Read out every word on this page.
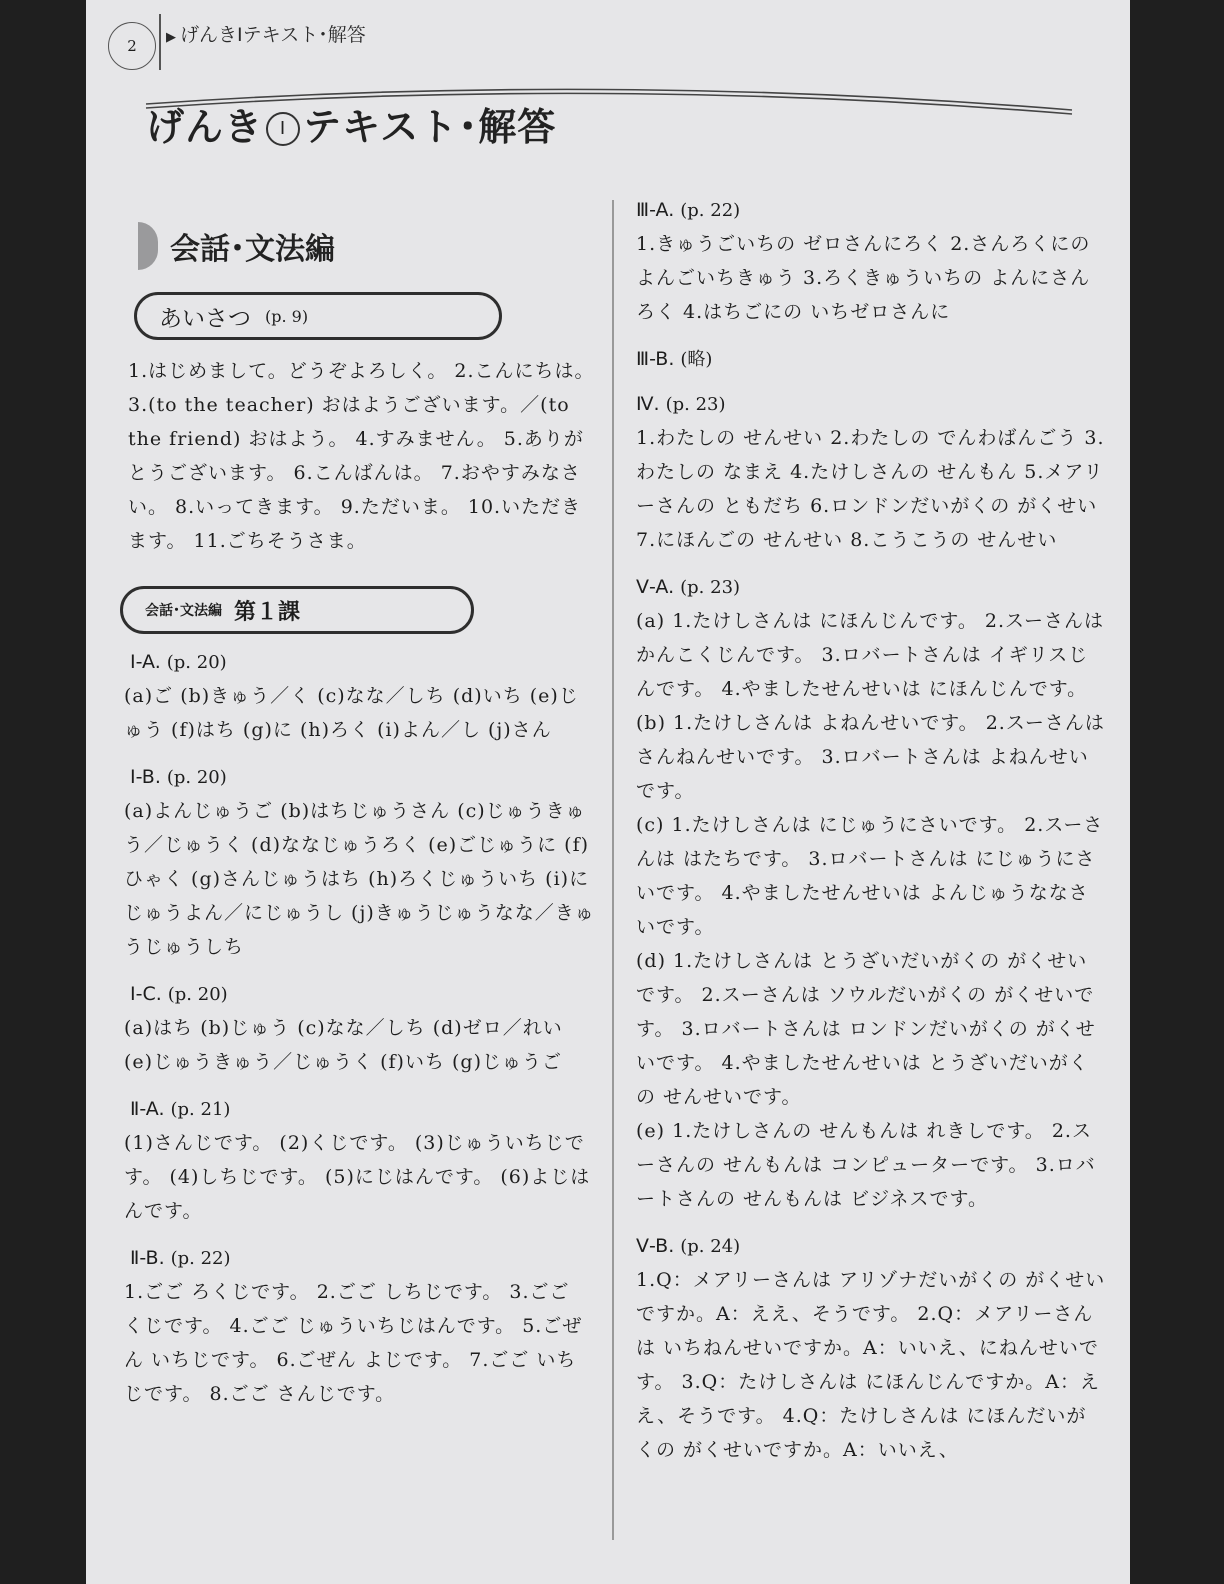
2	▶ げんきⅠテキスト･解答
げんき Ⅰ テキスト･解答
会話･文法編
あいさつ (p. 9)
1.はじめまして。どうぞよろしく。 2.こんにちは。 3.(to the teacher) おはようございます。／(to the friend) おはよう。 4.すみません。 5.ありがとうございます。 6.こんばんは。 7.おやすみなさい。 8.いってきます。 9.ただいま。 10.いただきます。 11.ごちそうさま。
会話･文法編 第１課
Ⅰ-A. (p. 20)
(a)ご (b)きゅう／く (c)なな／しち (d)いち (e)じゅう (f)はち (g)に (h)ろく (i)よん／し (j)さん
Ⅰ-B. (p. 20)
(a)よんじゅうご (b)はちじゅうさん (c)じゅうきゅう／じゅうく (d)ななじゅうろく (e)ごじゅうに (f)ひゃく (g)さんじゅうはち (h)ろくじゅういち (i)にじゅうよん／にじゅうし (j)きゅうじゅうなな／きゅうじゅうしち
Ⅰ-C. (p. 20)
(a)はち (b)じゅう (c)なな／しち (d)ゼロ／れい (e)じゅうきゅう／じゅうく (f)いち (g)じゅうご
Ⅱ-A. (p. 21)
(1)さんじです。 (2)くじです。 (3)じゅういちじです。 (4)しちじです。 (5)にじはんです。 (6)よじはんです。
Ⅱ-B. (p. 22)
1.ごご ろくじです。 2.ごご しちじです。 3.ごご くじです。 4.ごご じゅういちじはんです。 5.ごぜん いちじです。 6.ごぜん よじです。 7.ごご いちじです。 8.ごご さんじです。
Ⅲ-A. (p. 22)

1.きゅうごいちの ゼロさんにろく 2.さんろくにの よんごいちきゅう 3.ろくきゅういちの よんにさんろく 4.はちごにの いちゼロさんに

Ⅲ-B. (略)
Ⅳ. (p. 23)

1.わたしの せんせい 2.わたしの でんわばんごう 3.わたしの なまえ 4.たけしさんの せんもん 5.メアリーさんの ともだち 6.ロンドンだいがくの がくせい 7.にほんごの せんせい 8.こうこうの せんせい

Ⅴ-A. (p. 23)

(a) 1.たけしさんは にほんじんです。 2.スーさんは かんこくじんです。 3.ロバートさんは イギリスじんです。 4.やましたせんせいは にほんじんです。

(b) 1.たけしさんは よねんせいです。 2.スーさんは さんねんせいです。 3.ロバートさんは よねんせいです。

(c) 1.たけしさんは にじゅうにさいです。 2.スーさんは はたちです。 3.ロバートさんは にじゅうにさいです。 4.やましたせんせいは よんじゅうななさいです。

(d) 1.たけしさんは とうざいだいがくの がくせいです。 2.スーさんは ソウルだいがくの がくせいです。 3.ロバートさんは ロンドンだいがくの がくせいです。 4.やましたせんせいは とうざいだいがくの せんせいです。

(e) 1.たけしさんの せんもんは れきしです。 2.スーさんの せんもんは コンピューターです。 3.ロバートさんの せんもんは ビジネスです。

Ⅴ-B. (p. 24)

1.Q：メアリーさんは アリゾナだいがくの がくせいですか。A：ええ、そうです。 2.Q：メアリーさんは いちねんせいですか。A：いいえ、にねんせいです。 3.Q：たけしさんは にほんじんですか。A：ええ、そうです。 4.Q：たけしさんは にほんだいがくの がくせいですか。A：いいえ、
